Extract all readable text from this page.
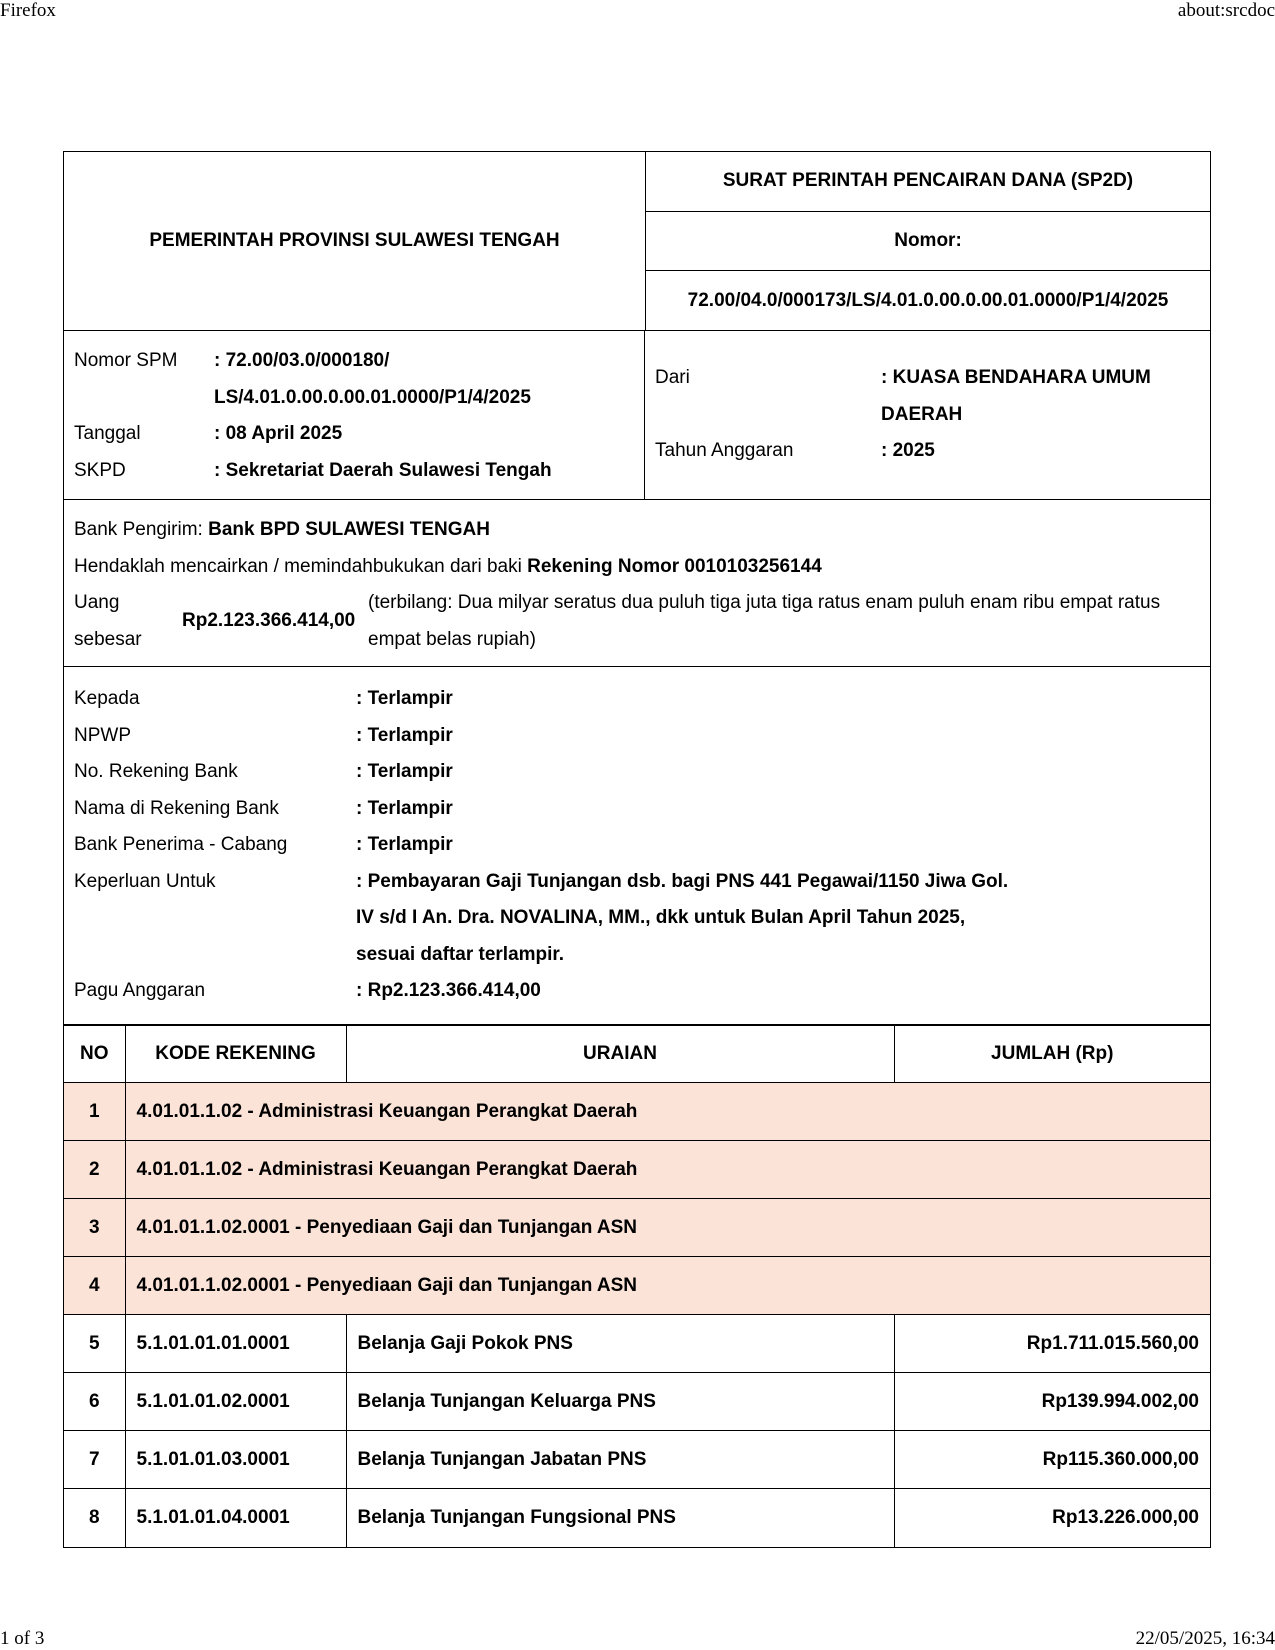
Firefox	about:srcdoc
PEMERINTAH PROVINSI SULAWESI TENGAH
SURAT PERINTAH PENCAIRAN DANA (SP2D)
Nomor:
72.00/04.0/000173/LS/4.01.0.00.0.00.01.0000/P1/4/2025
Nomor SPM	: 72.00/03.0/000180/
LS/4.01.0.00.0.00.01.0000/P1/4/2025
Tanggal	: 08 April 2025
SKPD	: Sekretariat Daerah Sulawesi Tengah
Dari	: KUASA BENDAHARA UMUM
DAERAH
Tahun Anggaran	: 2025
Bank Pengirim: Bank BPD SULAWESI TENGAH
Hendaklah mencairkan / memindahbukukan dari baki Rekening Nomor 0010103256144
Uang sebesar
Rp2.123.366.414,00
(terbilang: Dua milyar seratus dua puluh tiga juta tiga ratus enam puluh enam ribu empat ratus empat belas rupiah)
Kepada	: Terlampir
NPWP	: Terlampir
No. Rekening Bank	: Terlampir
Nama di Rekening Bank	: Terlampir
Bank Penerima - Cabang	: Terlampir
Keperluan Untuk	: Pembayaran Gaji Tunjangan dsb. bagi PNS 441 Pegawai/1150 Jiwa Gol. IV s/d I An. Dra. NOVALINA, MM., dkk untuk Bulan April Tahun 2025, sesuai daftar terlampir.
Pagu Anggaran	: Rp2.123.366.414,00
NO	KODE REKENING	URAIAN	JUMLAH (Rp)
1	4.01.01.1.02 - Administrasi Keuangan Perangkat Daerah		
2	4.01.01.1.02 - Administrasi Keuangan Perangkat Daerah		
3	4.01.01.1.02.0001 - Penyediaan Gaji dan Tunjangan ASN		
4	4.01.01.1.02.0001 - Penyediaan Gaji dan Tunjangan ASN		
5	5.1.01.01.01.0001	Belanja Gaji Pokok PNS	Rp1.711.015.560,00
6	5.1.01.01.02.0001	Belanja Tunjangan Keluarga PNS	Rp139.994.002,00
7	5.1.01.01.03.0001	Belanja Tunjangan Jabatan PNS	Rp115.360.000,00
8	5.1.01.01.04.0001	Belanja Tunjangan Fungsional PNS	Rp13.226.000,00
1 of 3	22/05/2025, 16:34
